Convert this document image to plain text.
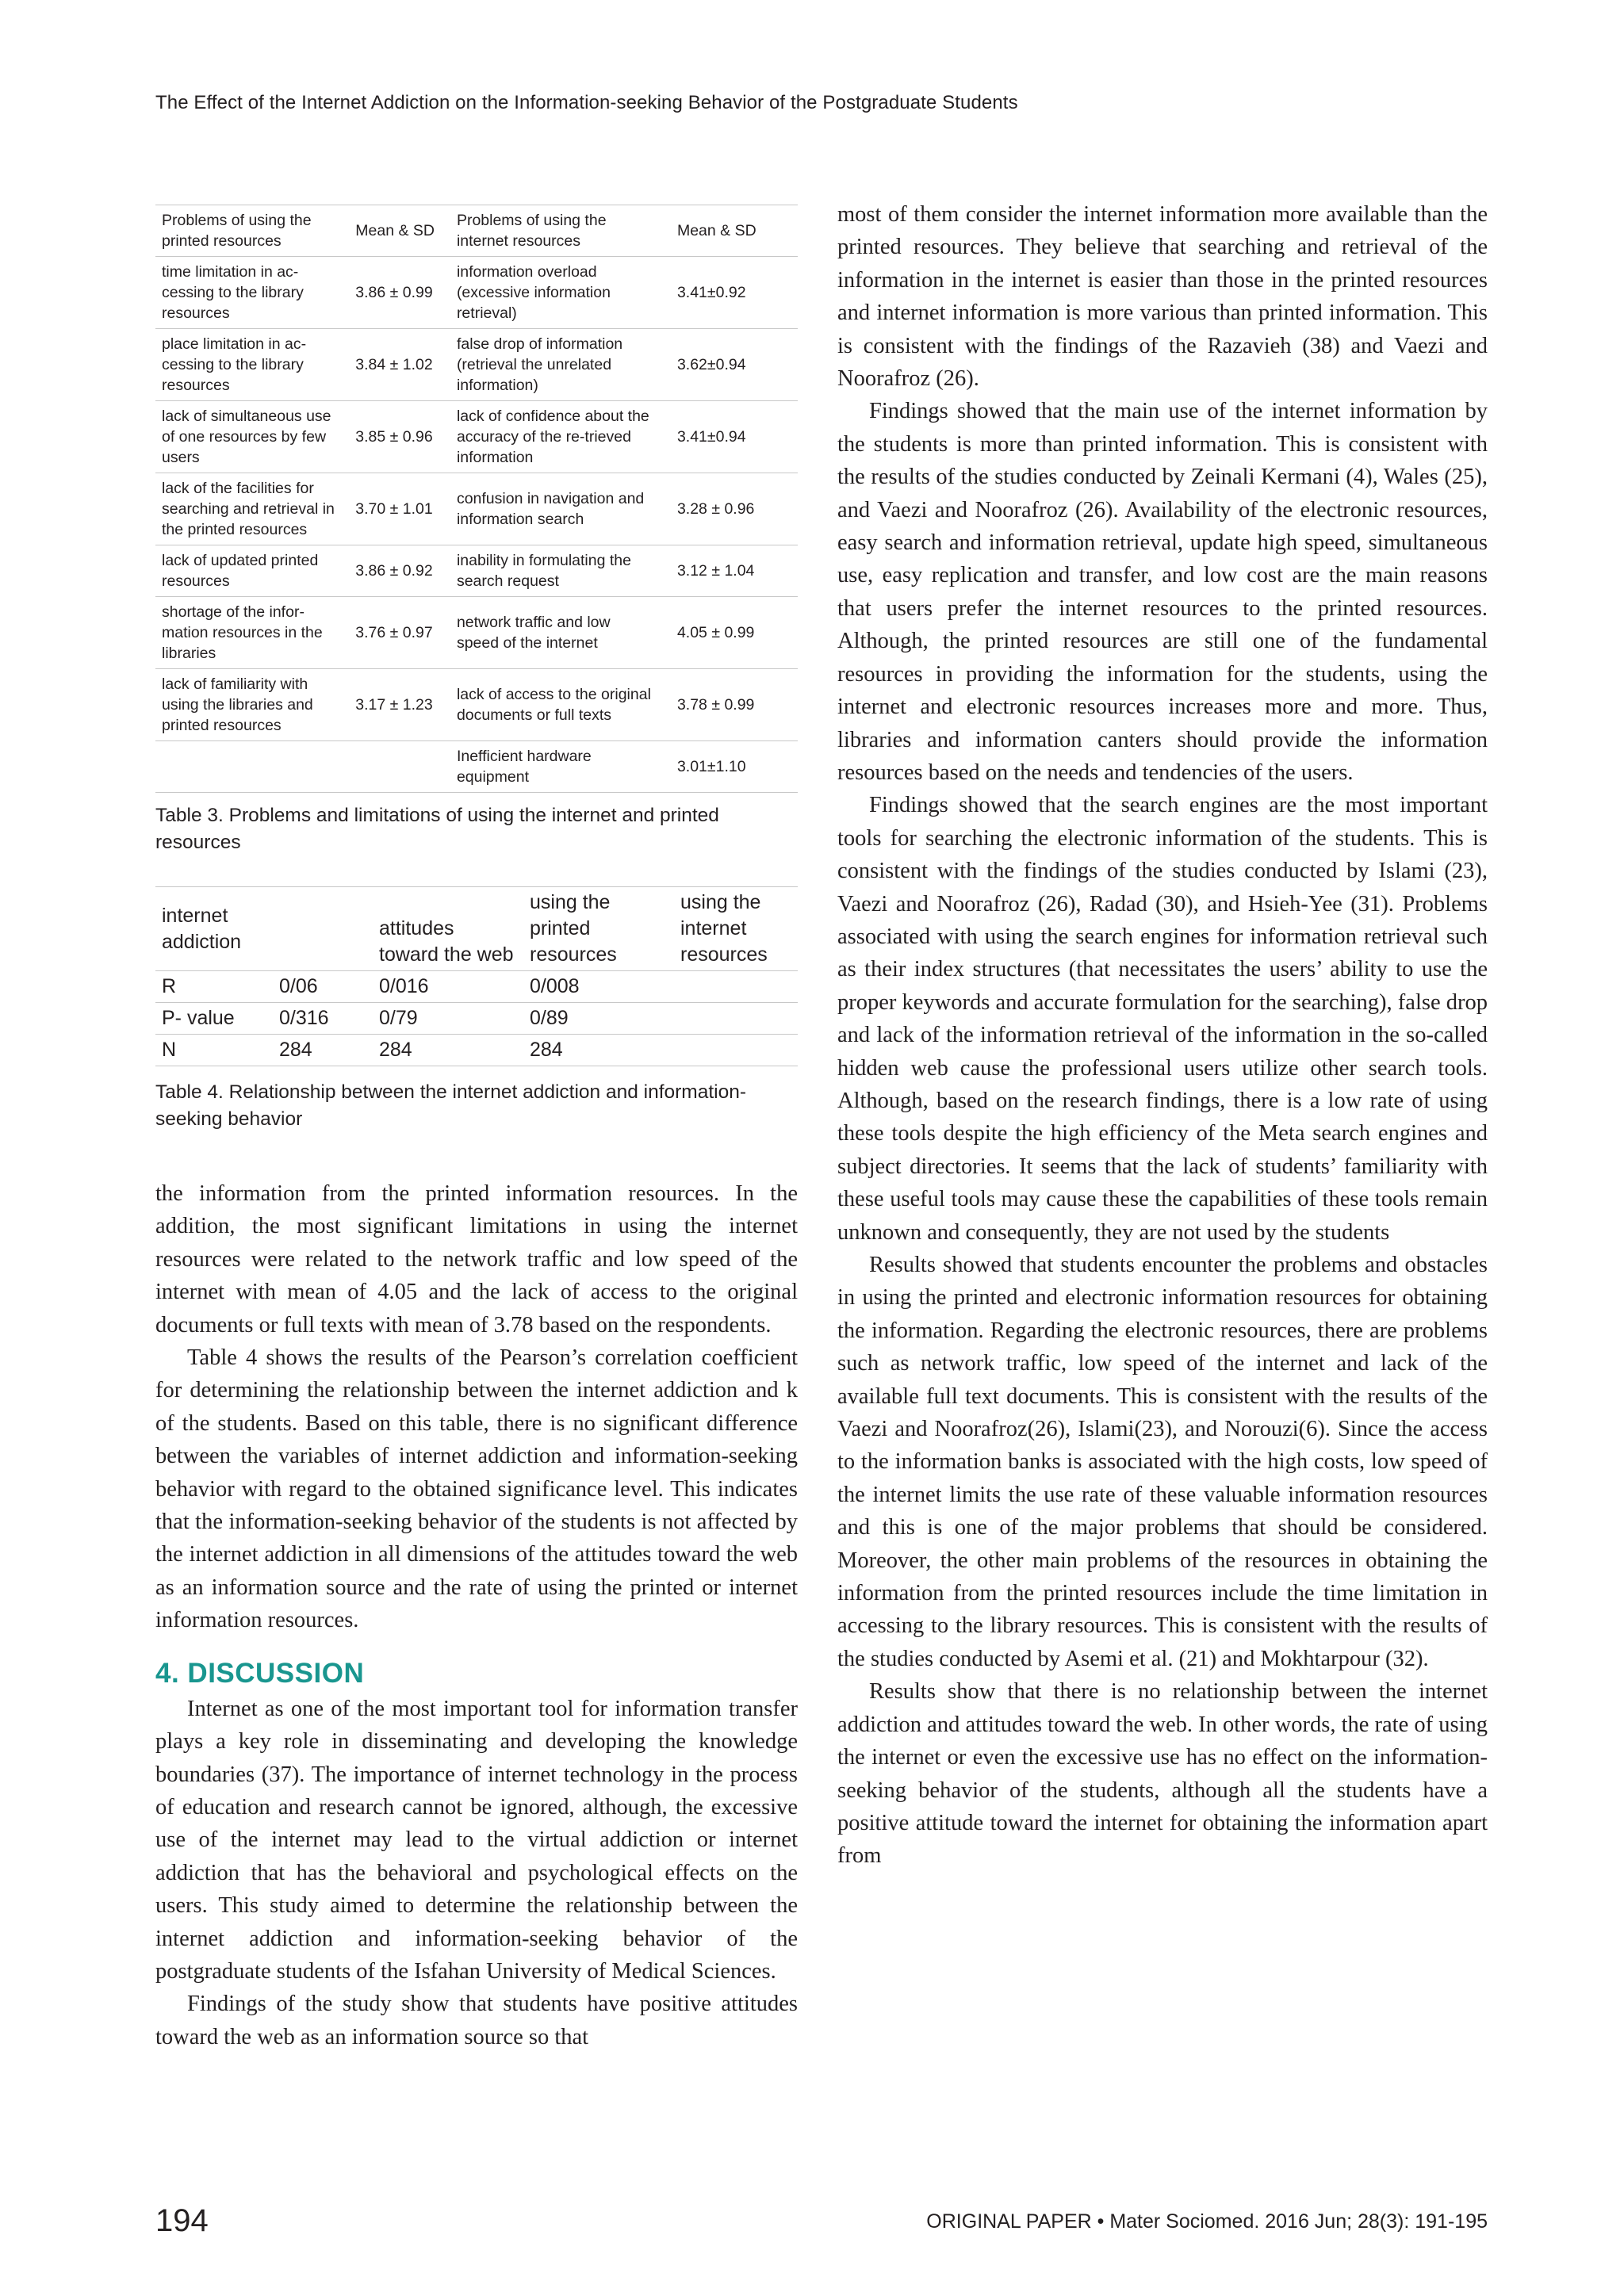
The Effect of the Internet Addiction on the Information-seeking Behavior of the Postgraduate Students
Problems of using the printed resources	Mean & SD	Problems of using the internet resources	Mean & SD
time limitation in ac-cessing to the library resources	3.86 ± 0.99	information overload (excessive information retrieval)	3.41±0.92
place limitation in ac-cessing to the library resources	3.84 ± 1.02	false drop of information (retrieval the unrelated information)	3.62±0.94
lack of simultaneous use of one resources by few users	3.85 ± 0.96	lack of confidence about the accuracy of the re-trieved information	3.41±0.94
lack of the facilities for searching and retrieval in the printed resources	3.70 ± 1.01	confusion in navigation and information search	3.28 ± 0.96
lack of updated printed resources	3.86 ± 0.92	inability in formulating the search request	3.12 ± 1.04
shortage of the infor-mation resources in the libraries	3.76 ± 0.97	network traffic and low speed of the internet	4.05 ± 0.99
lack of familiarity with using the libraries and printed resources	3.17 ± 1.23	lack of access to the original documents or full texts	3.78 ± 0.99
		Inefficient hardware equipment	3.01±1.10
Table 3. Problems and limitations of using the internet and printed resources
internet addiction		attitudes toward the web	using the printed resources	using the internet resources
R	0/06	0/016	0/008	
P- value	0/316	0/79	0/89	
N	284	284	284	
Table 4. Relationship between the internet addiction and information-seeking behavior

the information from the printed information resources. In the addition, the most significant limitations in using the internet resources were related to the network traffic and low speed of the internet with mean of 4.05 and the lack of access to the original documents or full texts with mean of 3.78 based on the respondents.

Table 4 shows the results of the Pearson’s correlation coefficient for determining the relationship between the internet addiction and k of the students. Based on this table, there is no significant difference between the variables of internet addiction and information-seeking behavior with regard to the obtained significance level. This indicates that the information-seeking behavior of the students is not affected by the internet addiction in all dimensions of the attitudes toward the web as an information source and the rate of using the printed or internet information resources.

4. DISCUSSION

Internet as one of the most important tool for information transfer plays a key role in disseminating and developing the knowledge boundaries (37). The importance of internet technology in the process of education and research cannot be ignored, although, the excessive use of the internet may lead to the virtual addiction or internet addiction that has the behavioral and psychological effects on the users. This study aimed to determine the relationship between the internet addiction and information-seeking behavior of the postgraduate students of the Isfahan University of Medical Sciences.

Findings of the study show that students have positive attitudes toward the web as an information source so that

most of them consider the internet information more available than the printed resources. They believe that searching and retrieval of the information in the internet is easier than those in the printed resources and internet information is more various than printed information. This is consistent with the findings of the Razavieh (38) and Vaezi and Noorafroz (26).

Findings showed that the main use of the internet information by the students is more than printed information. This is consistent with the results of the studies conducted by Zeinali Kermani (4), Wales (25), and Vaezi and Noorafroz (26). Availability of the electronic resources, easy search and information retrieval, update high speed, simultaneous use, easy replication and transfer, and low cost are the main reasons that users prefer the internet resources to the printed resources. Although, the printed resources are still one of the fundamental resources in providing the information for the students, using the internet and electronic resources increases more and more. Thus, libraries and information canters should provide the information resources based on the needs and tendencies of the users.

Findings showed that the search engines are the most important tools for searching the electronic information of the students. This is consistent with the findings of the studies conducted by Islami (23), Vaezi and Noorafroz (26), Radad (30), and Hsieh-Yee (31). Problems associated with using the search engines for information retrieval such as their index structures (that necessitates the users’ ability to use the proper keywords and accurate formulation for the searching), false drop and lack of the information retrieval of the information in the so-called hidden web cause the professional users utilize other search tools. Although, based on the research findings, there is a low rate of using these tools despite the high efficiency of the Meta search engines and subject directories. It seems that the lack of students’ familiarity with these useful tools may cause these the capabilities of these tools remain unknown and consequently, they are not used by the students

Results showed that students encounter the problems and obstacles in using the printed and electronic information resources for obtaining the information. Regarding the electronic resources, there are problems such as network traffic, low speed of the internet and lack of the available full text documents. This is consistent with the results of the Vaezi and Noorafroz(26), Islami(23), and Norouzi(6). Since the access to the information banks is associated with the high costs, low speed of the internet limits the use rate of these valuable information resources and this is one of the major problems that should be considered. Moreover, the other main problems of the resources in obtaining the information from the printed resources include the time limitation in accessing to the library resources. This is consistent with the results of the studies conducted by Asemi et al. (21) and Mokhtarpour (32).

Results show that there is no relationship between the internet addiction and attitudes toward the web. In other words, the rate of using the internet or even the excessive use has no effect on the information-seeking behavior of the students, although all the students have a positive attitude toward the internet for obtaining the information apart from

194	ORIGINAL PAPER • Mater Sociomed. 2016 Jun; 28(3): 191-195
